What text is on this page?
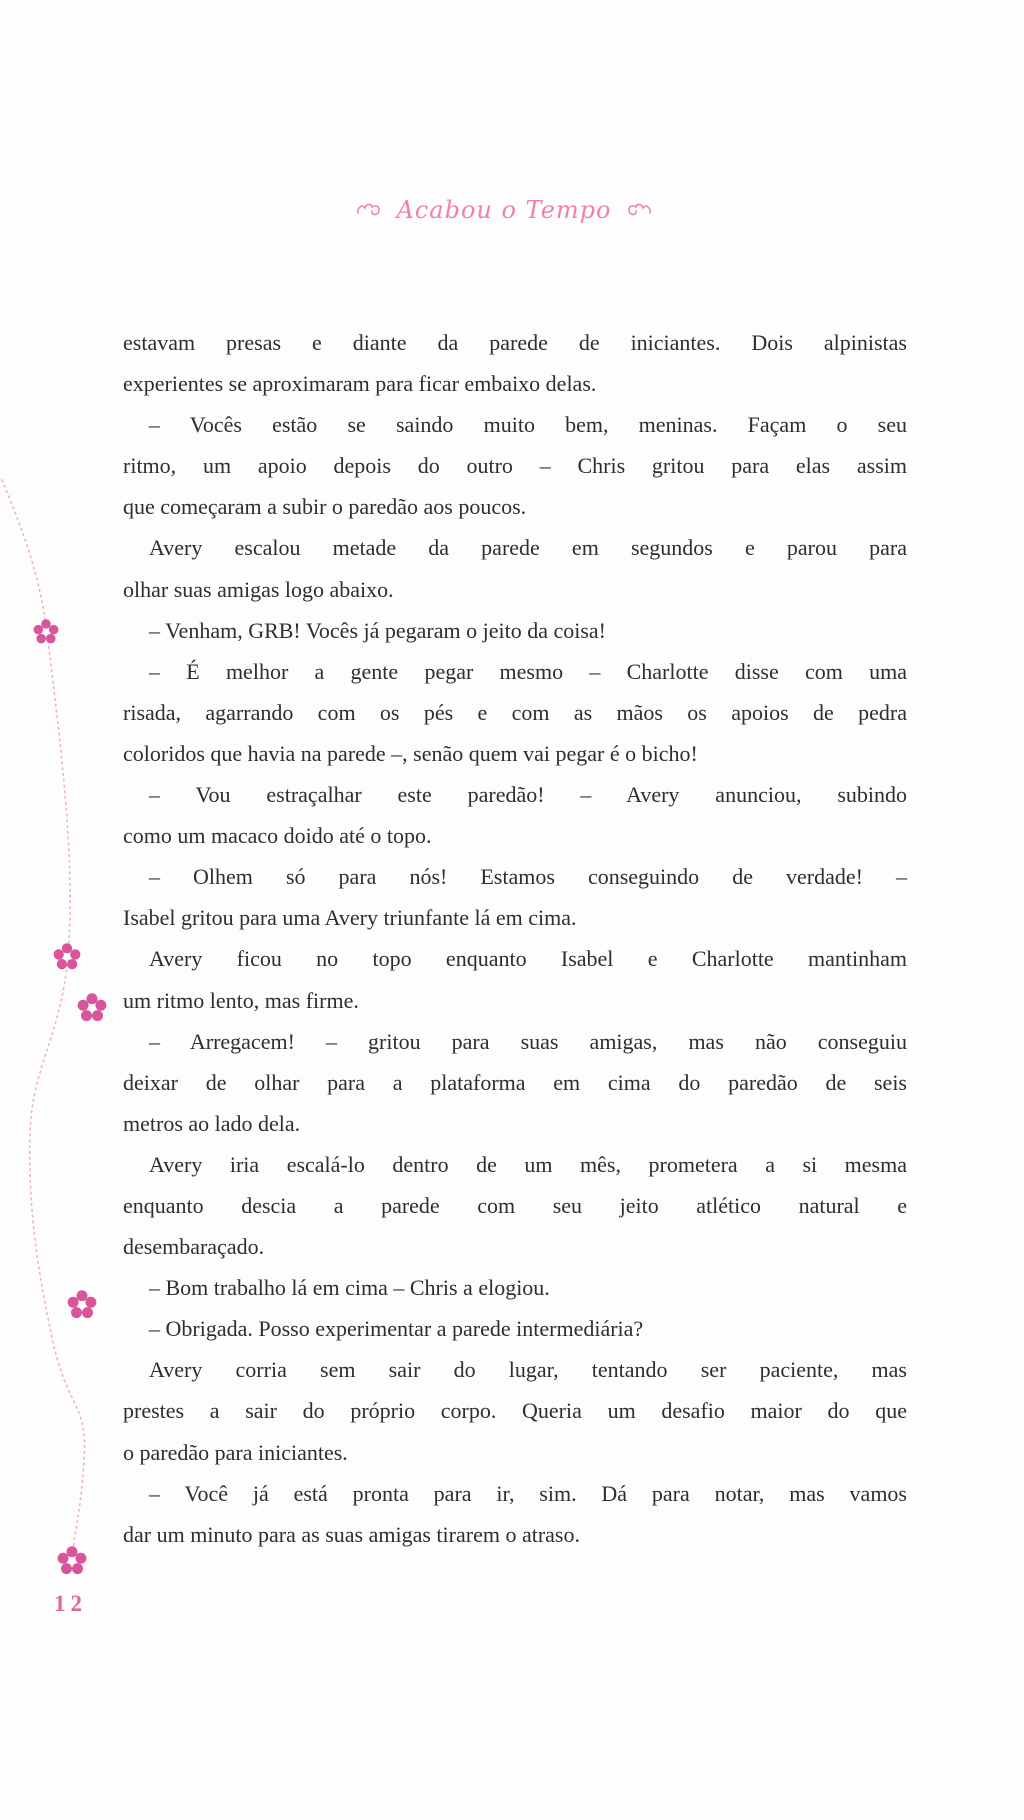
Acabou o Tempo
estavam presas e diante da parede de iniciantes. Dois alpinistas
experientes se aproximaram para ficar embaixo delas.
– Vocês estão se saindo muito bem, meninas. Façam o seu
ritmo, um apoio depois do outro – Chris gritou para elas assim
que começaram a subir o paredão aos poucos.
Avery escalou metade da parede em segundos e parou para
olhar suas amigas logo abaixo.
– Venham, GRB! Vocês já pegaram o jeito da coisa!
– É melhor a gente pegar mesmo – Charlotte disse com uma
risada, agarrando com os pés e com as mãos os apoios de pedra
coloridos que havia na parede –, senão quem vai pegar é o bicho!
– Vou estraçalhar este paredão! – Avery anunciou, subindo
como um macaco doido até o topo.
– Olhem só para nós! Estamos conseguindo de verdade! –
Isabel gritou para uma Avery triunfante lá em cima.
Avery ficou no topo enquanto Isabel e Charlotte mantinham
um ritmo lento, mas firme.
– Arregacem! – gritou para suas amigas, mas não conseguiu
deixar de olhar para a plataforma em cima do paredão de seis
metros ao lado dela.
Avery iria escalá-lo dentro de um mês, prometera a si mesma
enquanto descia a parede com seu jeito atlético natural e
desembaraçado.
– Bom trabalho lá em cima – Chris a elogiou.
– Obrigada. Posso experimentar a parede intermediária?
Avery corria sem sair do lugar, tentando ser paciente, mas
prestes a sair do próprio corpo. Queria um desafio maior do que
o paredão para iniciantes.
– Você já está pronta para ir, sim. Dá para notar, mas vamos
dar um minuto para as suas amigas tirarem o atraso.
12
